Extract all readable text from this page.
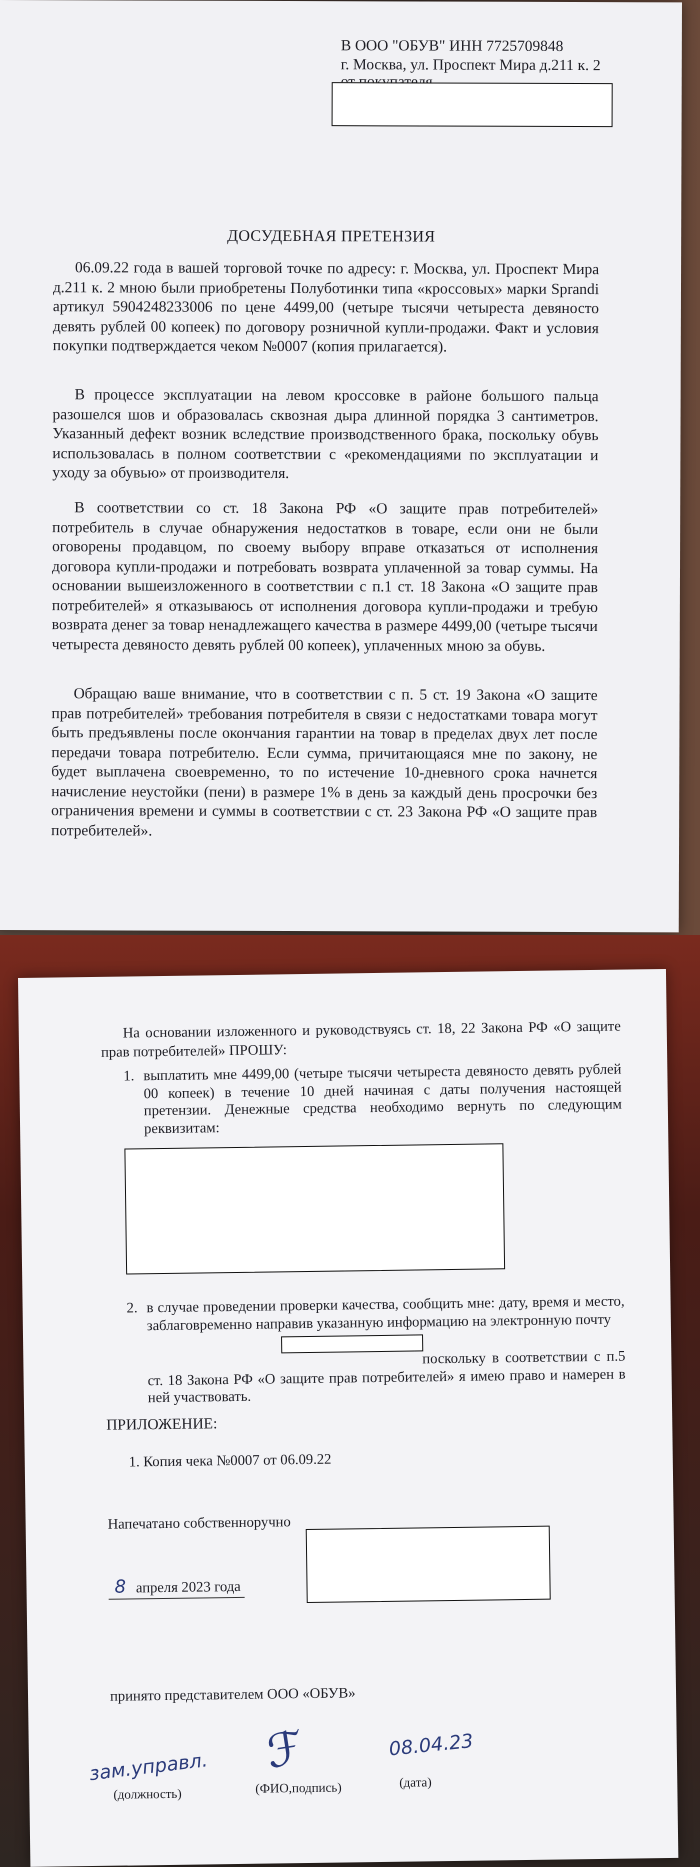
В ООО "ОБУВ" ИНН 7725709848
г. Москва, ул. Проспект Мира д.211 к. 2
ДОСУДЕБНАЯ ПРЕТЕНЗИЯ
06.09.22 года в вашей торговой точке по адресу: г. Москва, ул. Проспект Мира д.211 к. 2 мною были приобретены Полуботинки типа «кроссовых» марки Sprandi артикул 5904248233006 по цене 4499,00 (четыре тысячи четыреста девяносто девять рублей 00 копеек) по договору розничной купли-продажи. Факт и условия покупки подтверждается чеком №0007 (копия прилагается).
В процессе эксплуатации на левом кроссовке в районе большого пальца разошелся шов и образовалась сквозная дыра длинной порядка 3 сантиметров. Указанный дефект возник вследствие производственного брака, поскольку обувь использовалась в полном соответствии с «рекомендациями по эксплуатации и уходу за обувью» от производителя.
В соответствии со ст. 18 Закона РФ «О защите прав потребителей» потребитель в случае обнаружения недостатков в товаре, если они не были оговорены продавцом, по своему выбору вправе отказаться от исполнения договора купли-продажи и потребовать возврата уплаченной за товар суммы. На основании вышеизложенного в соответствии с п.1 ст. 18 Закона «О защите прав потребителей» я отказываюсь от исполнения договора купли-продажи и требую возврата денег за товар ненадлежащего качества в размере 4499,00 (четыре тысячи четыреста девяносто девять рублей 00 копеек), уплаченных мною за обувь.
Обращаю ваше внимание, что в соответствии с п. 5 ст. 19 Закона «О защите прав потребителей» требования потребителя в связи с недостатками товара могут быть предъявлены после окончания гарантии на товар в пределах двух лет после передачи товара потребителю. Если сумма, причитающаяся мне по закону, не будет выплачена своевременно, то по истечение 10-дневного срока начнется начисление неустойки (пени) в размере 1% в день за каждый день просрочки без ограничения времени и суммы в соответствии с ст. 23 Закона РФ «О защите прав потребителей».
На основании изложенного и руководствуясь ст. 18, 22 Закона РФ «О защите прав потребителей» ПРОШУ:
1. выплатить мне 4499,00 (четыре тысячи четыреста девяносто девять рублей 00 копеек) в течение 10 дней начиная с даты получения настоящей претензии. Денежные средства необходимо вернуть по следующим реквизитам:
2. в случае проведении проверки качества, сообщить мне: дату, время и место, заблаговременно направив указанную информацию на электронную почту
поскольку в соответствии с п.5 ст. 18 Закона РФ «О защите прав потребителей» я имею право и намерен в ней участвовать.
ПРИЛОЖЕНИЕ:
1. Копия чека №0007 от 06.09.22
Напечатано собственноручно
8 апреля 2023 года
принято представителем ООО «ОБУВ»
зам.управл. ℱ	08.04.23
(должность)	(ФИО,подпись)	(дата)
